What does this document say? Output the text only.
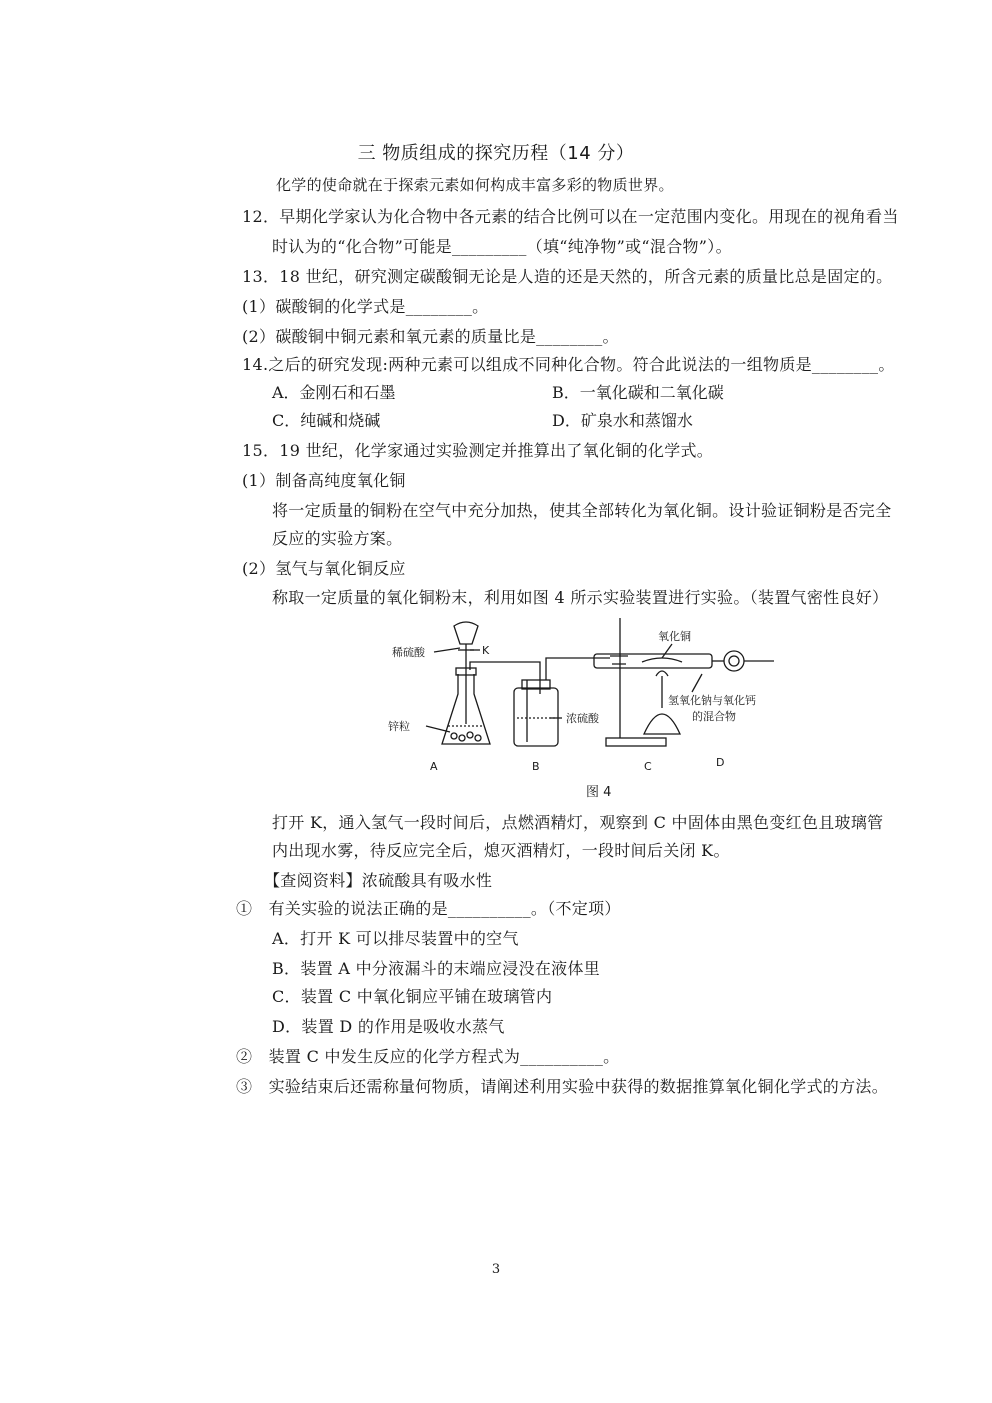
三 物质组成的探究历程（14 分）
化学的使命就在于探索元素如何构成丰富多彩的物质世界。
12．早期化学家认为化合物中各元素的结合比例可以在一定范围内变化。用现在的视角看当
时认为的“化合物”可能是_________（填“纯净物”或“混合物”）。
13．18 世纪，研究测定碳酸铜无论是人造的还是天然的，所含元素的质量比总是固定的。
(1）碳酸铜的化学式是________。
(2）碳酸铜中铜元素和氧元素的质量比是________。
14.之后的研究发现:两种元素可以组成不同种化合物。符合此说法的一组物质是________。
A．金刚石和石墨	B．一氧化碳和二氧化碳
C．纯碱和烧碱	D．矿泉水和蒸馏水
15．19 世纪，化学家通过实验测定并推算出了氧化铜的化学式。
(1）制备高纯度氧化铜
将一定质量的铜粉在空气中充分加热，使其全部转化为氧化铜。设计验证铜粉是否完全
反应的实验方案。
(2）氢气与氧化铜反应
称取一定质量的氧化铜粉末，利用如图 4 所示实验装置进行实验。（装置气密性良好）
稀硫酸	K
锌粒
浓硫酸
氧化铜
氢氧化钠与氧化钙
的混合物
A	B	C	D
图 4
打开 K，通入氢气一段时间后，点燃酒精灯，观察到 C 中固体由黑色变红色且玻璃管
内出现水雾，待反应完全后，熄灭酒精灯，一段时间后关闭 K。
【查阅资料】浓硫酸具有吸水性
①　有关实验的说法正确的是__________。（不定项）
A．打开 K 可以排尽装置中的空气
B．装置 A 中分液漏斗的末端应浸没在液体里
C．装置 C 中氧化铜应平铺在玻璃管内
D．装置 D 的作用是吸收水蒸气
②　装置 C 中发生反应的化学方程式为__________。
③　实验结束后还需称量何物质，请阐述利用实验中获得的数据推算氧化铜化学式的方法。
3
